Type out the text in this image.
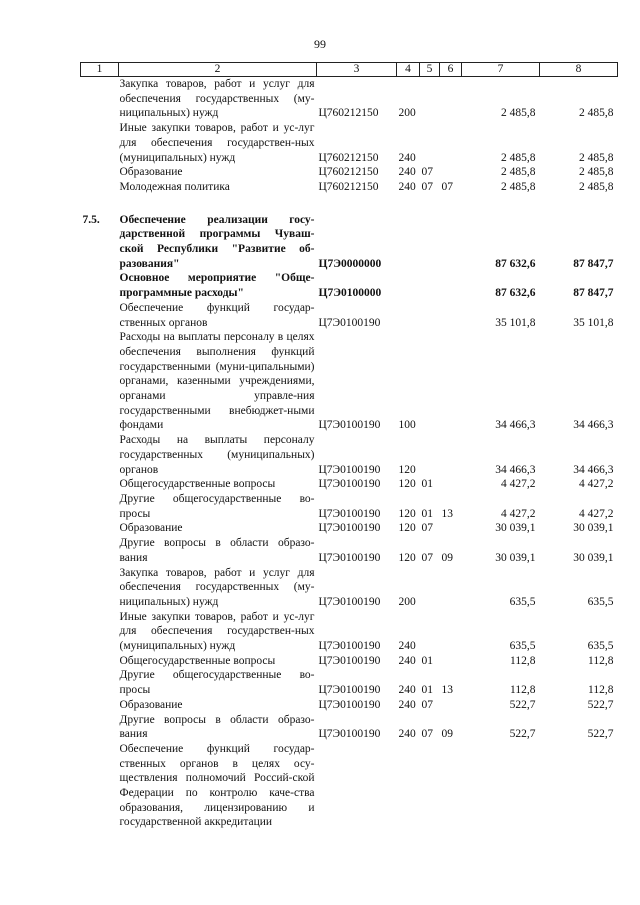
99
1	2	3	4	5	6	7	8
	Закупка товаров, работ и услуг для обеспечения государственных (му-ниципальных) нужд	Ц760212150	200			2 485,8	2 485,8
	Иные закупки товаров, работ и ус-луг для обеспечения государствен-ных (муниципальных) нужд	Ц760212150	240			2 485,8	2 485,8
	Образование	Ц760212150	240	07		2 485,8	2 485,8
	Молодежная политика	Ц760212150	240	07	07	2 485,8	2 485,8

7.5.	Обеспечение реализации госу-дарственной программы Чуваш-ской Республики "Развитие об-разования"	Ц7Э0000000				87 632,6	87 847,7
	Основное мероприятие "Обще-программные расходы"	Ц7Э0100000				87 632,6	87 847,7
	Обеспечение функций государ-ственных органов	Ц7Э0100190				35 101,8	35 101,8
	Расходы на выплаты персоналу в целях обеспечения выполнения функций государственными (муни-ципальными) органами, казенными учреждениями, органами управле-ния государственными внебюджет-ными фондами	Ц7Э0100190	100			34 466,3	34 466,3
	Расходы на выплаты персоналу государственных (муниципальных) органов	Ц7Э0100190	120			34 466,3	34 466,3
	Общегосударственные вопросы	Ц7Э0100190	120	01		4 427,2	4 427,2
	Другие общегосударственные во-просы	Ц7Э0100190	120	01	13	4 427,2	4 427,2
	Образование	Ц7Э0100190	120	07		30 039,1	30 039,1
	Другие вопросы в области образо-вания	Ц7Э0100190	120	07	09	30 039,1	30 039,1
	Закупка товаров, работ и услуг для обеспечения государственных (му-ниципальных) нужд	Ц7Э0100190	200			635,5	635,5
	Иные закупки товаров, работ и ус-луг для обеспечения государствен-ных (муниципальных) нужд	Ц7Э0100190	240			635,5	635,5
	Общегосударственные вопросы	Ц7Э0100190	240	01		112,8	112,8
	Другие общегосударственные во-просы	Ц7Э0100190	240	01	13	112,8	112,8
	Образование	Ц7Э0100190	240	07		522,7	522,7
	Другие вопросы в области образо-вания	Ц7Э0100190	240	07	09	522,7	522,7
	Обеспечение функций государ-ственных органов в целях осу-ществления полномочий Россий-ской Федерации по контролю каче-ства образования, лицензированию и государственной аккредитации						
